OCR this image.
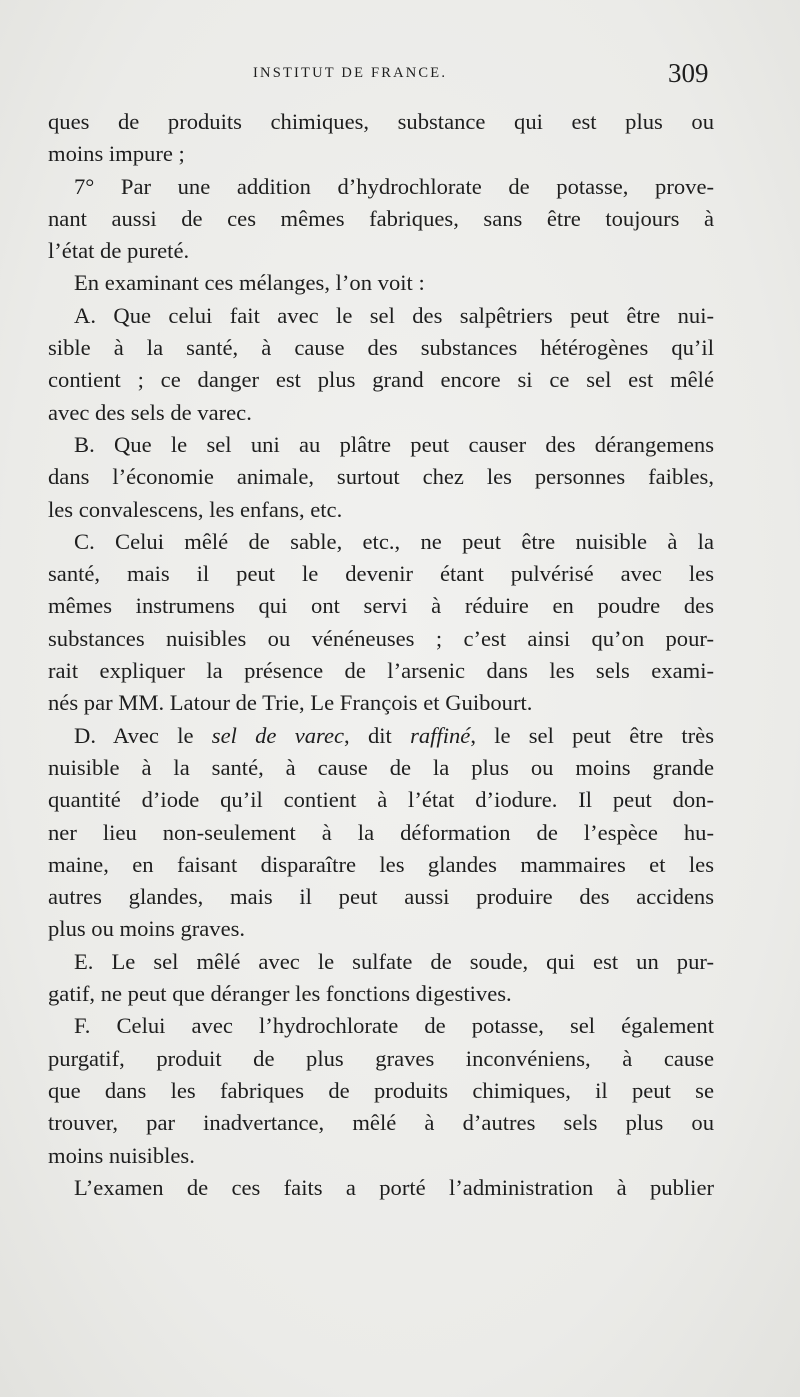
INSTITUT DE FRANCE.	309
ques de produits chimiques, substance qui est plus ou
moins impure ;
7° Par une addition d’hydrochlorate de potasse, prove-
nant aussi de ces mêmes fabriques, sans être toujours à
l’état de pureté.
En examinant ces mélanges, l’on voit :
A. Que celui fait avec le sel des salpêtriers peut être nui-
sible à la santé, à cause des substances hétérogènes qu’il
contient ; ce danger est plus grand encore si ce sel est mêlé
avec des sels de varec.
B. Que le sel uni au plâtre peut causer des dérangemens
dans l’économie animale, surtout chez les personnes faibles,
les convalescens, les enfans, etc.
C. Celui mêlé de sable, etc., ne peut être nuisible à la
santé, mais il peut le devenir étant pulvérisé avec les
mêmes instrumens qui ont servi à réduire en poudre des
substances nuisibles ou vénéneuses ; c’est ainsi qu’on pour-
rait expliquer la présence de l’arsenic dans les sels exami-
nés par MM. Latour de Trie, Le François et Guibourt.
D. Avec le sel de varec, dit raffiné, le sel peut être très
nuisible à la santé, à cause de la plus ou moins grande
quantité d’iode qu’il contient à l’état d’iodure. Il peut don-
ner lieu non-seulement à la déformation de l’espèce hu-
maine, en faisant disparaître les glandes mammaires et les
autres glandes, mais il peut aussi produire des accidens
plus ou moins graves.
E. Le sel mêlé avec le sulfate de soude, qui est un pur-
gatif, ne peut que déranger les fonctions digestives.
F. Celui avec l’hydrochlorate de potasse, sel également
purgatif, produit de plus graves inconvéniens, à cause
que dans les fabriques de produits chimiques, il peut se
trouver, par inadvertance, mêlé à d’autres sels plus ou
moins nuisibles.
L’examen de ces faits a porté l’administration à publier
